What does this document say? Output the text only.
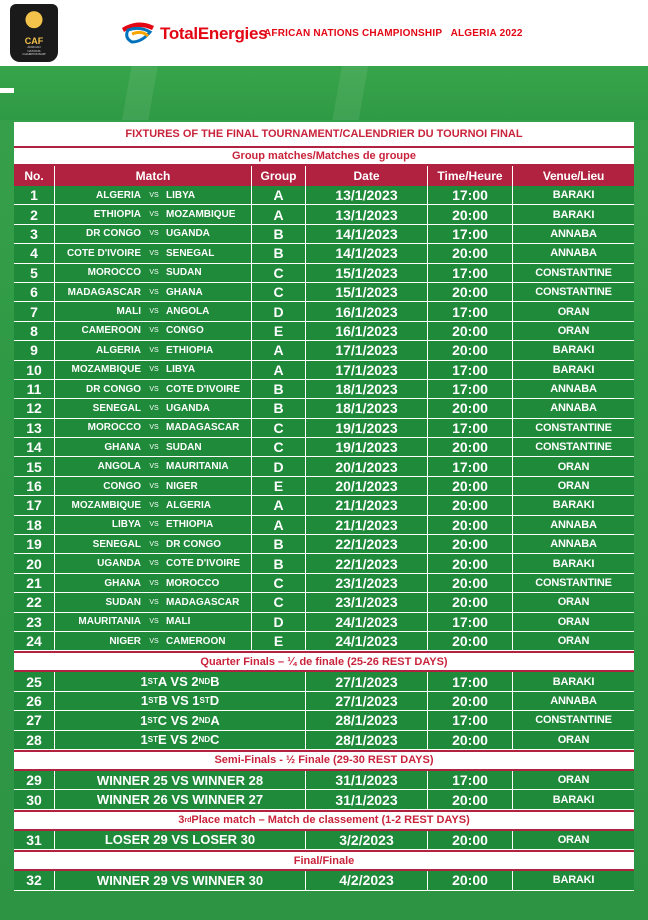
CAF
AFRICAN
NATIONS
CHAMPIONSHIP
TotalEnergies
AFRICAN NATIONS CHAMPIONSHIP   ALGERIA 2022
FIXTURES OF THE FINAL TOURNAMENT/CALENDRIER DU TOURNOI FINAL
Group matches/Matches de groupe
No.	Match	Group	Date	Time/Heure	Venue/Lieu
1	ALGERIA	VS LIBYA	A	13/1/2023	17:00	BARAKI
2	ETHIOPIA	VS MOZAMBIQUE	A	13/1/2023	20:00	BARAKI
3	DR CONGO	VS UGANDA	B	14/1/2023	17:00	ANNABA
4	COTE D'IVOIRE	VS SENEGAL	B	14/1/2023	20:00	ANNABA
5	MOROCCO	VS SUDAN	C	15/1/2023	17:00	CONSTANTINE
6	MADAGASCAR	VS GHANA	C	15/1/2023	20:00	CONSTANTINE
7	MALI	VS ANGOLA	D	16/1/2023	17:00	ORAN
8	CAMEROON	VS CONGO	E	16/1/2023	20:00	ORAN
9	ALGERIA	VS ETHIOPIA	A	17/1/2023	20:00	BARAKI
10	MOZAMBIQUE	VS LIBYA	A	17/1/2023	17:00	BARAKI
11	DR CONGO	VS COTE D'IVOIRE	B	18/1/2023	17:00	ANNABA
12	SENEGAL	VS UGANDA	B	18/1/2023	20:00	ANNABA
13	MOROCCO	VS MADAGASCAR	C	19/1/2023	17:00	CONSTANTINE
14	GHANA	VS SUDAN	C	19/1/2023	20:00	CONSTANTINE
15	ANGOLA	VS MAURITANIA	D	20/1/2023	17:00	ORAN
16	CONGO	VS NIGER	E	20/1/2023	20:00	ORAN
17	MOZAMBIQUE	VS ALGERIA	A	21/1/2023	20:00	BARAKI
18	LIBYA	VS ETHIOPIA	A	21/1/2023	20:00	ANNABA
19	SENEGAL	VS DR CONGO	B	22/1/2023	20:00	ANNABA
20	UGANDA	VS COTE D'IVOIRE	B	22/1/2023	20:00	BARAKI
21	GHANA	VS MOROCCO	C	23/1/2023	20:00	CONSTANTINE
22	SUDAN	VS MADAGASCAR	C	23/1/2023	20:00	ORAN
23	MAURITANIA	VS MALI	D	24/1/2023	17:00	ORAN
24	NIGER	VS CAMEROON	E	24/1/2023	20:00	ORAN
Quarter Finals – ¼ de finale (25-26 REST DAYS)
25	1 ST A VS 2 ND B	27/1/2023	17:00	BARAKI
26	1 ST B VS 1 ST D	27/1/2023	20:00	ANNABA
27	1 ST C VS 2 ND A	28/1/2023	17:00	CONSTANTINE
28	1 ST E VS 2 ND C	28/1/2023	20:00	ORAN
Semi-Finals - ½ Finale (29-30 REST DAYS)
29	WINNER 25 VS WINNER 28	31/1/2023	17:00	ORAN
30	WINNER 26 VS WINNER 27	31/1/2023	20:00	BARAKI
3 rd Place match – Match de classement (1-2 REST DAYS)
31	LOSER 29 VS LOSER 30	3/2/2023	20:00	ORAN
Final/Finale
32	WINNER 29 VS WINNER 30	4/2/2023	20:00	BARAKI
